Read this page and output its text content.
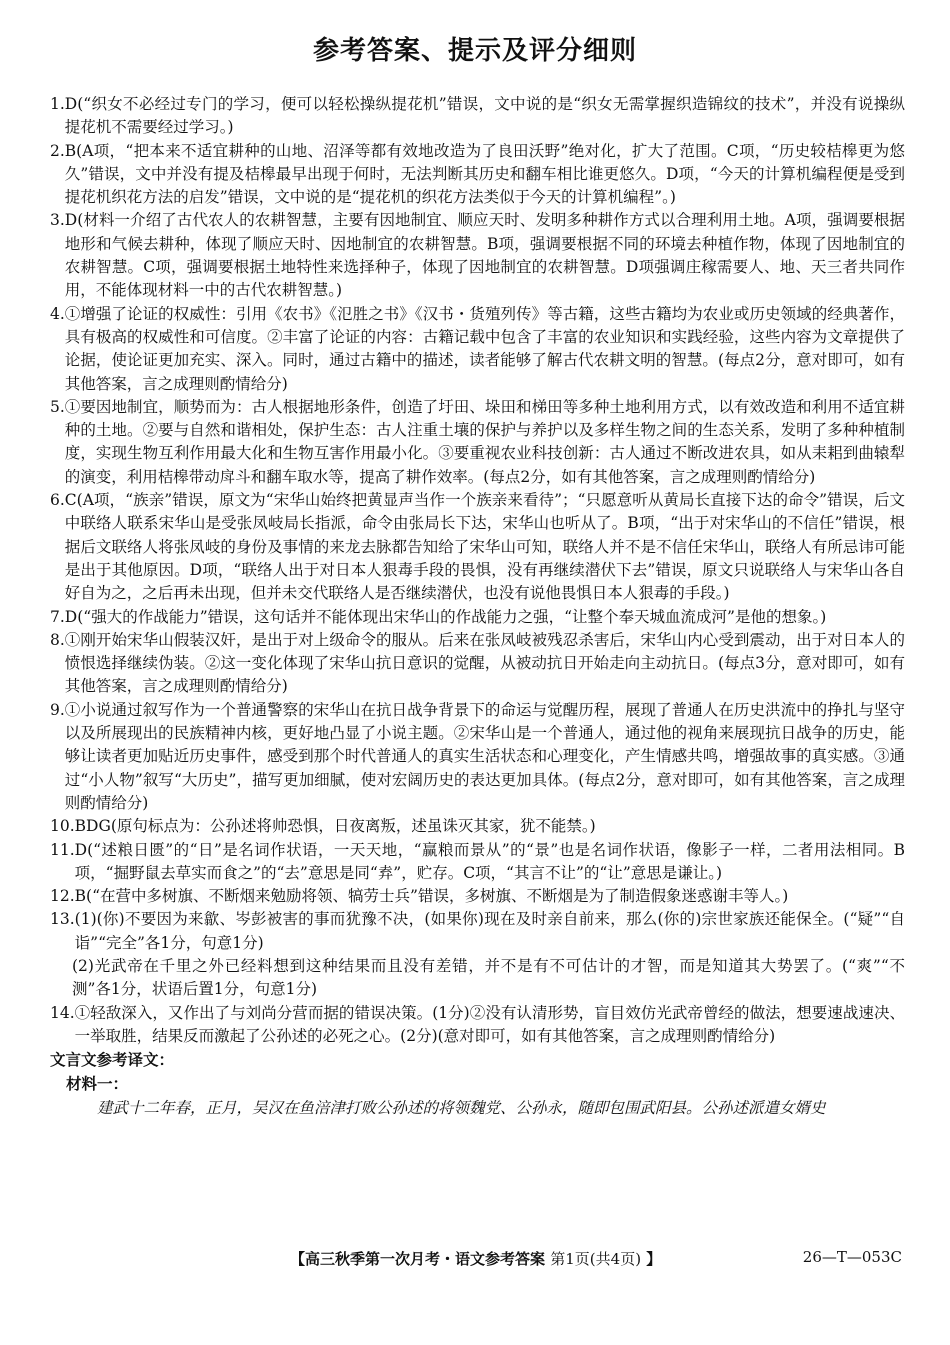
参考答案、提示及评分细则
1. D(“织女不必经过专门的学习，便可以轻松操纵提花机”错误，文中说的是“织女无需掌握织造锦纹的技术”，并没有说操纵提花机不需要经过学习。)
2. B(A项，“把本来不适宜耕种的山地、沼泽等都有效地改造为了良田沃野”绝对化，扩大了范围。C项，“历史较桔槔更为悠久”错误，文中并没有提及桔槔最早出现于何时，无法判断其历史和翻车相比谁更悠久。D项，“今天的计算机编程便是受到提花机织花方法的启发”错误，文中说的是“提花机的织花方法类似于今天的计算机编程”。)
3. D(材料一介绍了古代农人的农耕智慧，主要有因地制宜、顺应天时、发明多种耕作方式以合理利用土地。A项，强调要根据地形和气候去耕种，体现了顺应天时、因地制宜的农耕智慧。B项，强调要根据不同的环境去种植作物，体现了因地制宜的农耕智慧。C项，强调要根据土地特性来选择种子，体现了因地制宜的农耕智慧。D项强调庄稼需要人、地、天三者共同作用，不能体现材料一中的古代农耕智慧。)
4. ①增强了论证的权威性：引用《农书》《氾胜之书》《汉书・货殖列传》等古籍，这些古籍均为农业或历史领域的经典著作，具有极高的权威性和可信度。②丰富了论证的内容：古籍记载中包含了丰富的农业知识和实践经验，这些内容为文章提供了论据，使论证更加充实、深入。同时，通过古籍中的描述，读者能够了解古代农耕文明的智慧。(每点2分，意对即可，如有其他答案，言之成理则酌情给分)
5. ①要因地制宜，顺势而为：古人根据地形条件，创造了圩田、垛田和梯田等多种土地利用方式，以有效改造和利用不适宜耕种的土地。②要与自然和谐相处，保护生态：古人注重土壤的保护与养护以及多样生物之间的生态关系，发明了多种种植制度，实现生物互利作用最大化和生物互害作用最小化。③要重视农业科技创新：古人通过不断改进农具，如从耒耜到曲辕犁的演变，利用桔槔带动戽斗和翻车取水等，提高了耕作效率。(每点2分，如有其他答案，言之成理则酌情给分)
6. C(A项，“族亲”错误，原文为“宋华山始终把黄显声当作一个族亲来看待”；“只愿意听从黄局长直接下达的命令”错误，后文中联络人联系宋华山是受张凤岐局长指派，命令由张局长下达，宋华山也听从了。B项，“出于对宋华山的不信任”错误，根据后文联络人将张凤岐的身份及事情的来龙去脉都告知给了宋华山可知，联络人并不是不信任宋华山，联络人有所忌讳可能是出于其他原因。D项，“联络人出于对日本人狠毒手段的畏惧，没有再继续潜伏下去”错误，原文只说联络人与宋华山各自好自为之，之后再未出现，但并未交代联络人是否继续潜伏，也没有说他畏惧日本人狠毒的手段。)
7. D(“强大的作战能力”错误，这句话并不能体现出宋华山的作战能力之强，“让整个奉天城血流成河”是他的想象。)
8. ①刚开始宋华山假装汉奸，是出于对上级命令的服从。后来在张凤岐被残忍杀害后，宋华山内心受到震动，出于对日本人的愤恨选择继续伪装。②这一变化体现了宋华山抗日意识的觉醒，从被动抗日开始走向主动抗日。(每点3分，意对即可，如有其他答案，言之成理则酌情给分)
9. ①小说通过叙写作为一个普通警察的宋华山在抗日战争背景下的命运与觉醒历程，展现了普通人在历史洪流中的挣扎与坚守以及所展现出的民族精神内核，更好地凸显了小说主题。②宋华山是一个普通人，通过他的视角来展现抗日战争的历史，能够让读者更加贴近历史事件，感受到那个时代普通人的真实生活状态和心理变化，产生情感共鸣，增强故事的真实感。③通过“小人物”叙写“大历史”，描写更加细腻，使对宏阔历史的表达更加具体。(每点2分，意对即可，如有其他答案，言之成理则酌情给分)
10. BDG(原句标点为：公孙述将帅恐惧，日夜离叛，述虽诛灭其家，犹不能禁。)
11. D(“述粮日匮”的“日”是名词作状语，一天天地，“赢粮而景从”的“景”也是名词作状语，像影子一样，二者用法相同。B项，“掘野鼠去草实而食之”的“去”意思是同“弆”，贮存。C项，“其言不让”的“让”意思是谦让。)
12. B(“在营中多树旗、不断烟来勉励将领、犒劳士兵”错误，多树旗、不断烟是为了制造假象迷惑谢丰等人。)
13. (1)(你)不要因为来歙、岑彭被害的事而犹豫不决，(如果你)现在及时亲自前来，那么(你的)宗世家族还能保全。(“疑”“自诣”“完全”各1分，句意1分)

(2)光武帝在千里之外已经料想到这种结果而且没有差错，并不是有不可估计的才智，而是知道其大势罢了。(“爽”“不测”各1分，状语后置1分，句意1分)

14. ①轻敌深入，又作出了与刘尚分营而据的错误决策。(1分)②没有认清形势，盲目效仿光武帝曾经的做法，想要速战速决、一举取胜，结果反而激起了公孙述的必死之心。(2分)(意对即可，如有其他答案，言之成理则酌情给分)

文言文参考译文：

材料一：

建武十二年春，正月，吴汉在鱼涪津打败公孙述的将领魏党、公孙永，随即包围武阳县。公孙述派遣女婿史

【高三秋季第一次月考・语文参考答案 第1页(共4页) 】	26—T—053C
